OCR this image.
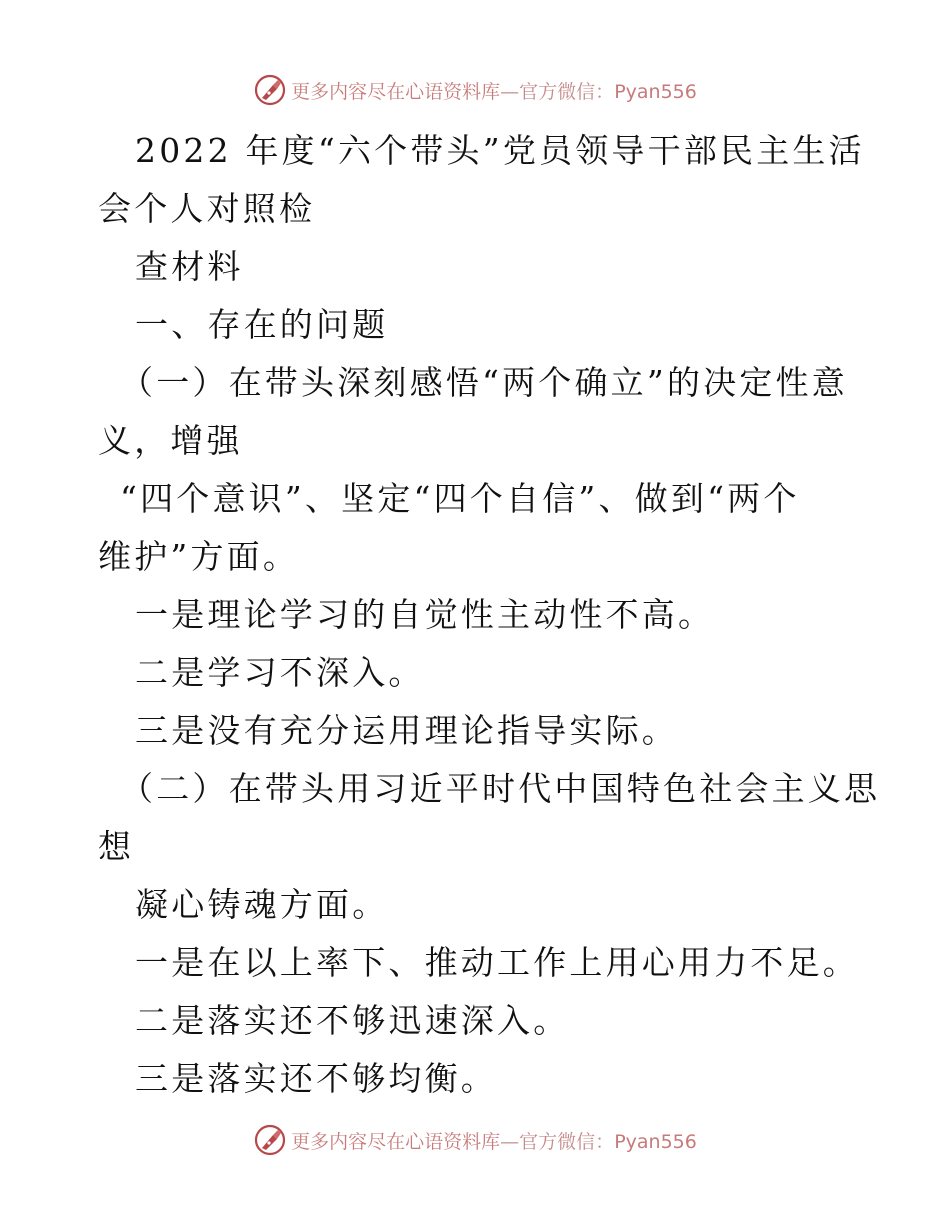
更多内容尽在心语资料库—官方微信：Pyan556
2022 年度“六个带头”党员领导干部民主生活
会个人对照检
查材料
一、存在的问题
（一）在带头深刻感悟“两个确立”的决定性意
义，增强
“四个意识”、坚定“四个自信”、做到“两个
维护”方面。
一是理论学习的自觉性主动性不高。
二是学习不深入。
三是没有充分运用理论指导实际。
（二）在带头用习近平时代中国特色社会主义思
想
凝心铸魂方面。
一是在以上率下、推动工作上用心用力不足。
二是落实还不够迅速深入。
三是落实还不够均衡。
更多内容尽在心语资料库—官方微信：Pyan556
